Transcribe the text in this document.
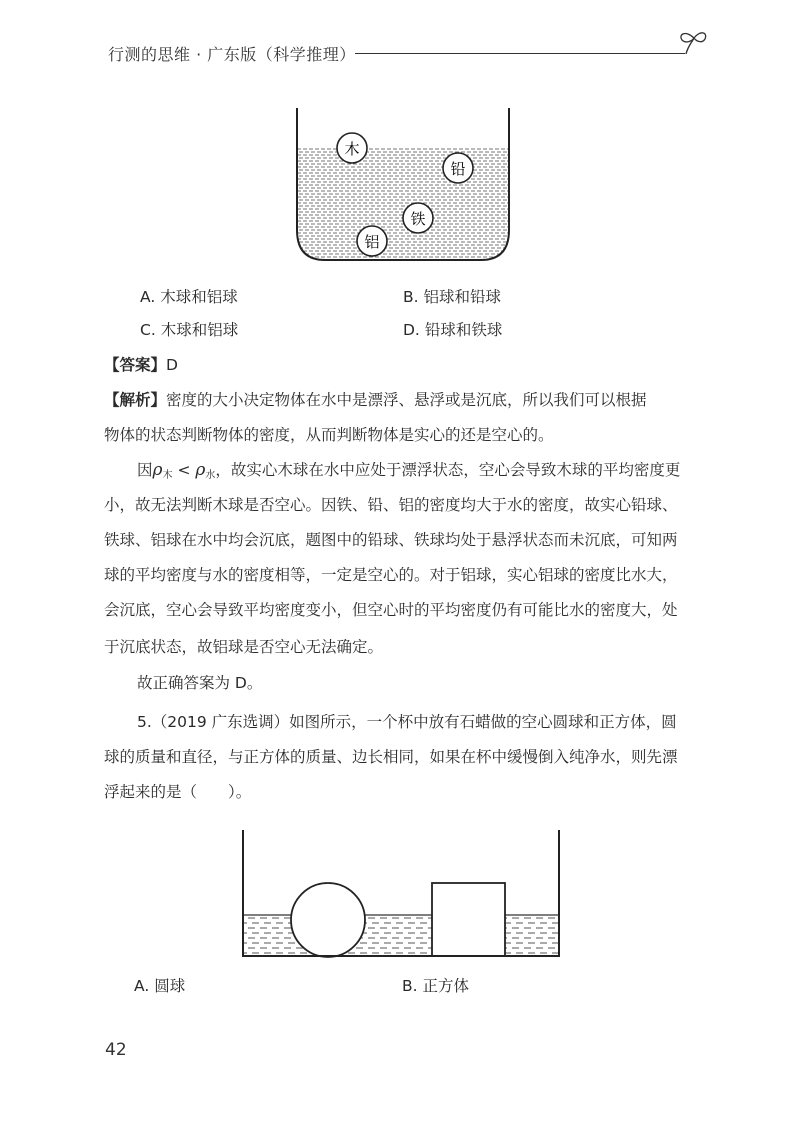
行测的思维 · 广东版（科学推理）
木
铅
铁
铝
A. 木球和铝球	B. 铝球和铅球
C. 木球和铝球	D. 铅球和铁球
【答案】D
【解析】密度的大小决定物体在水中是漂浮、悬浮或是沉底，所以我们可以根据
物体的状态判断物体的密度，从而判断物体是实心的还是空心的。
因$\rho_木 < \rho_水$，故实心木球在水中应处于漂浮状态，空心会导致木球的平均密度更
小，故无法判断木球是否空心。因铁、铅、铝的密度均大于水的密度，故实心铅球、
铁球、铝球在水中均会沉底，题图中的铅球、铁球均处于悬浮状态而未沉底，可知两
球的平均密度与水的密度相等，一定是空心的。对于铝球，实心铝球的密度比水大，
会沉底，空心会导致平均密度变小，但空心时的平均密度仍有可能比水的密度大，处
于沉底状态，故铝球是否空心无法确定。
故正确答案为 D。
5.（2019 广东选调）如图所示，一个杯中放有石蜡做的空心圆球和正方体，圆
球的质量和直径，与正方体的质量、边长相同，如果在杯中缓慢倒入纯净水，则先漂
浮起来的是（　　）。
A. 圆球	B. 正方体
42
